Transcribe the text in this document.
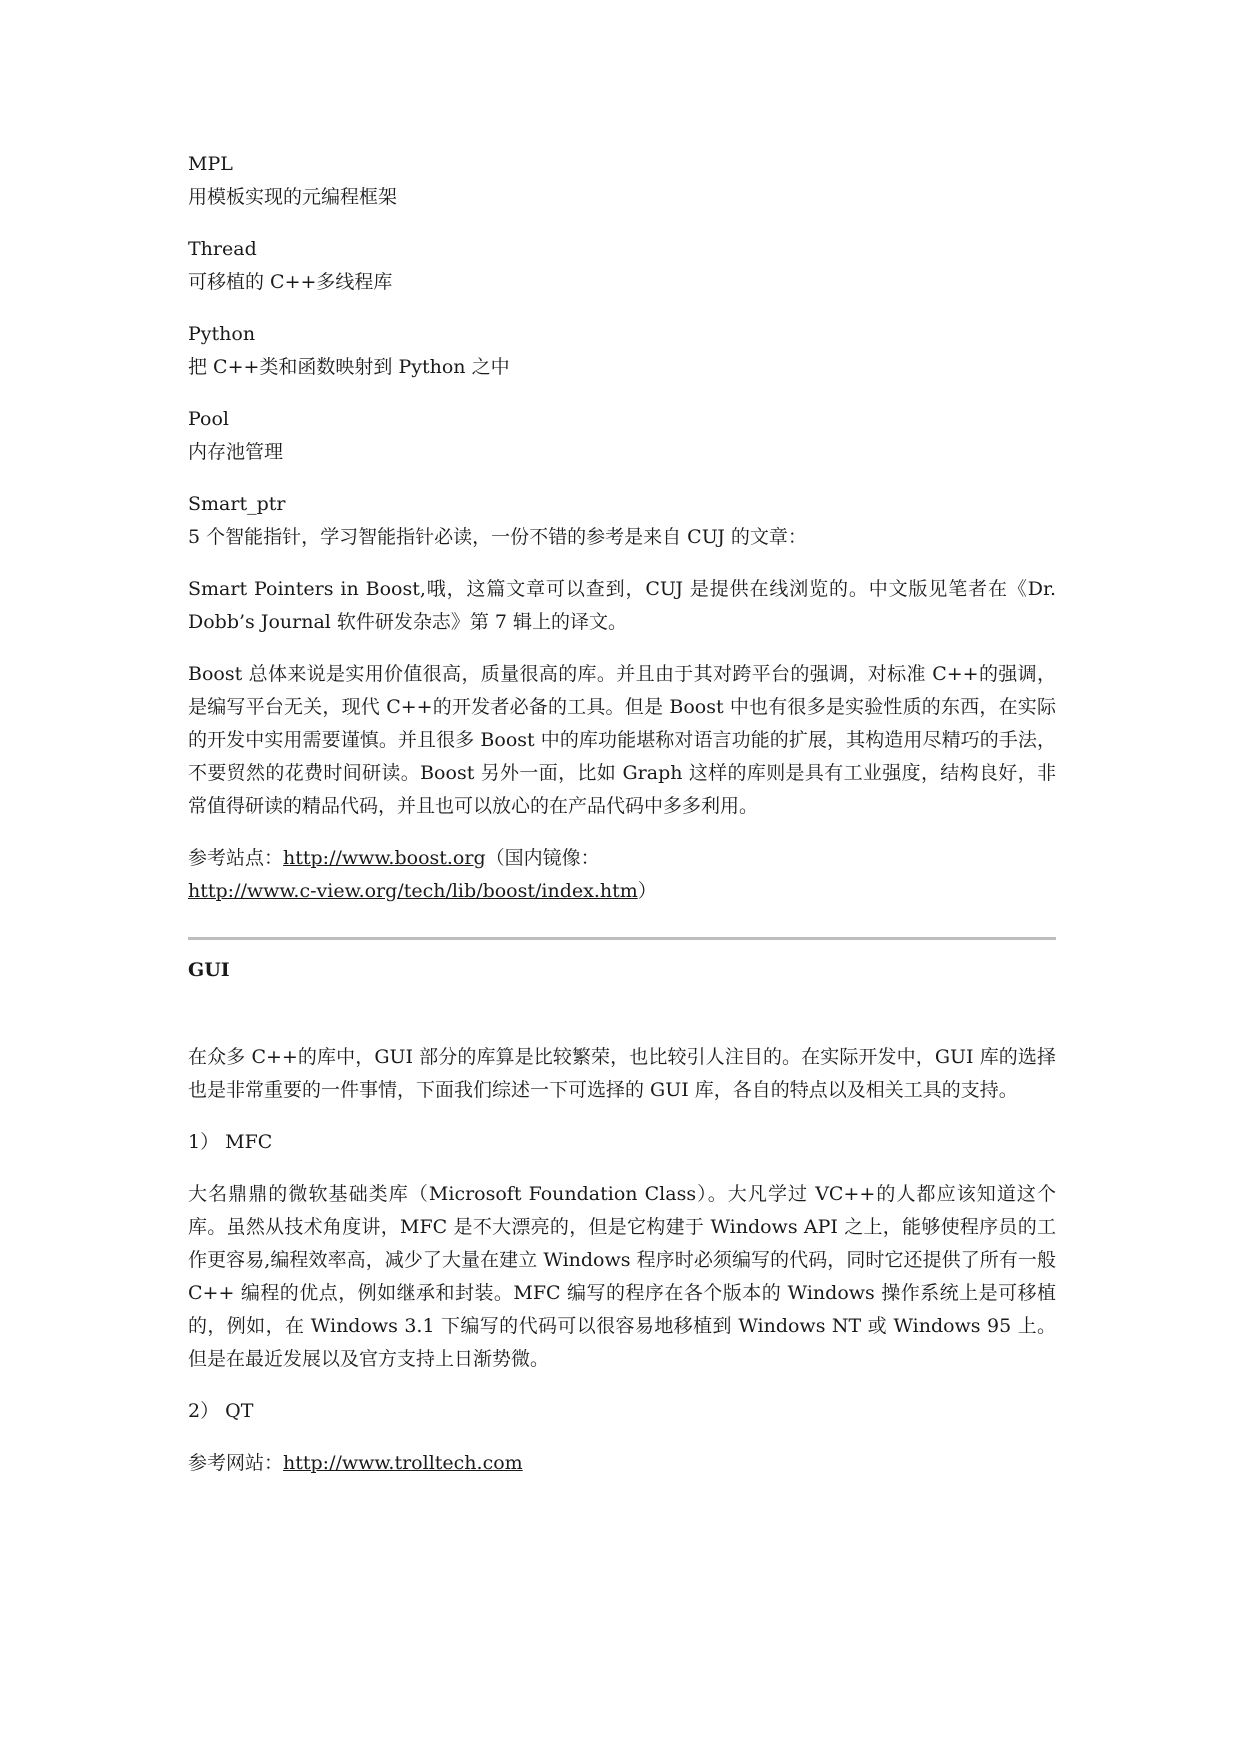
MPL
用模板实现的元编程框架
Thread
可移植的 C++多线程库
Python
把 C++类和函数映射到 Python 之中
Pool
内存池管理
Smart_ptr
5 个智能指针，学习智能指针必读，一份不错的参考是来自 CUJ 的文章：
Smart Pointers in Boost,哦，这篇文章可以查到，CUJ 是提供在线浏览的。中文版见笔者在《Dr. Dobb’s Journal 软件研发杂志》第 7 辑上的译文。
Boost 总体来说是实用价值很高，质量很高的库。并且由于其对跨平台的强调，对标准 C++的强调，是编写平台无关，现代 C++的开发者必备的工具。但是 Boost 中也有很多是实验性质的东西，在实际的开发中实用需要谨慎。并且很多 Boost 中的库功能堪称对语言功能的扩展，其构造用尽精巧的手法，不要贸然的花费时间研读。Boost 另外一面，比如 Graph 这样的库则是具有工业强度，结构良好，非常值得研读的精品代码，并且也可以放心的在产品代码中多多利用。
参考站点：http://www.boost.org（国内镜像：
http://www.c-view.org/tech/lib/boost/index.htm）
GUI
在众多 C++的库中，GUI 部分的库算是比较繁荣，也比较引人注目的。在实际开发中，GUI 库的选择也是非常重要的一件事情，下面我们综述一下可选择的 GUI 库，各自的特点以及相关工具的支持。
1） MFC
大名鼎鼎的微软基础类库（Microsoft Foundation Class）。大凡学过 VC++的人都应该知道这个库。虽然从技术角度讲，MFC 是不大漂亮的，但是它构建于 Windows API 之上，能够使程序员的工作更容易,编程效率高，减少了大量在建立 Windows 程序时必须编写的代码，同时它还提供了所有一般 C++ 编程的优点，例如继承和封装。MFC 编写的程序在各个版本的 Windows 操作系统上是可移植的，例如，在 Windows 3.1 下编写的代码可以很容易地移植到 Windows NT 或 Windows 95 上。但是在最近发展以及官方支持上日渐势微。
2） QT
参考网站：http://www.trolltech.com
